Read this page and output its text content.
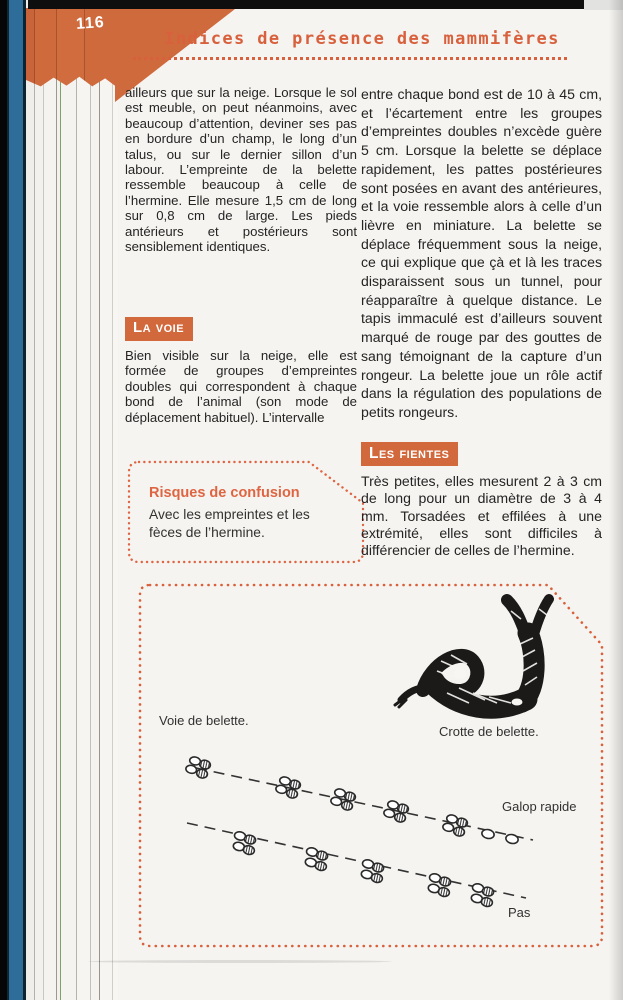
116
Indices de présence des mammifères
ailleurs que sur la neige. Lorsque le sol est meuble, on peut néanmoins, avec beaucoup d’attention, deviner ses pas en bordure d’un champ, le long d’un talus, ou sur le dernier sillon d’un labour. L’empreinte de la belette ressemble beaucoup à celle de l’hermine. Elle mesure 1,5 cm de long sur 0,8 cm de large. Les pieds antérieurs et postérieurs sont sensiblement identiques.
La voie
Bien visible sur la neige, elle est formée de groupes d’empreintes doubles qui correspondent à chaque bond de l’animal (son mode de déplacement habituel). L’intervalle
Risques de confusion
Avec les empreintes et les fèces de l’hermine.
entre chaque bond est de 10 à 45 cm, et l’écartement entre les groupes d’empreintes doubles n’excède guère 5 cm. Lorsque la belette se déplace rapidement, les pattes postérieures sont posées en avant des antérieures, et la voie ressemble alors à celle d’un lièvre en miniature. La belette se déplace fréquemment sous la neige, ce qui explique que çà et là les traces disparaissent sous un tunnel, pour réapparaître à quelque distance. Le tapis immaculé est d’ailleurs souvent marqué de rouge par des gouttes de sang témoignant de la capture d’un rongeur. La belette joue un rôle actif dans la régulation des populations de petits rongeurs.
Les fientes
Très petites, elles mesurent 2 à 3 cm de long pour un diamètre de 3 à 4 mm. Torsadées et effilées à une extrémité, elles sont difficiles à différencier de celles de l’hermine.
Voie de belette.
Crotte de belette.
Galop rapide
Pas
